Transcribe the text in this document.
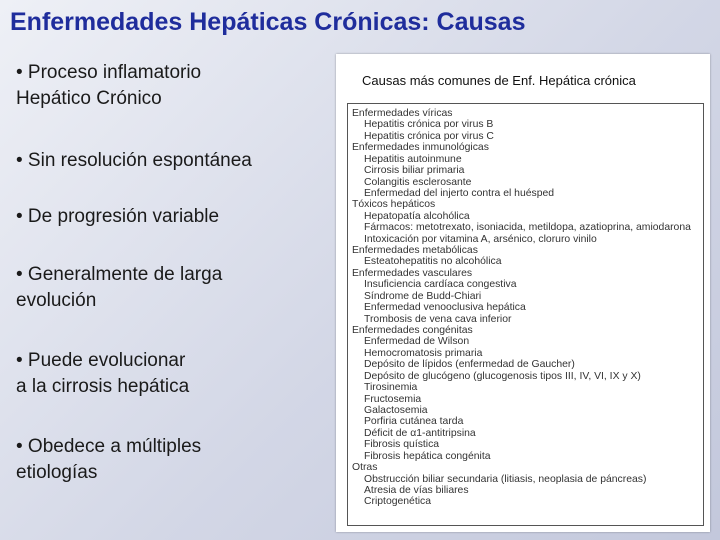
Enfermedades Hepáticas Crónicas: Causas
• Proceso inflamatorio
Hepático Crónico
• Sin resolución espontánea
• De progresión variable
• Generalmente de larga
evolución
• Puede evolucionar
a la cirrosis hepática
• Obedece a múltiples
etiologías
Causas más comunes de Enf. Hepática crónica
Enfermedades víricas
Hepatitis crónica por virus B
Hepatitis crónica por virus C
Enfermedades inmunológicas
Hepatitis autoinmune
Cirrosis biliar primaria
Colangitis esclerosante
Enfermedad del injerto contra el huésped
Tóxicos hepáticos
Hepatopatía alcohólica
Fármacos: metotrexato, isoniacida, metildopa, azatioprina, amiodarona
Intoxicación por vitamina A, arsénico, cloruro vinilo
Enfermedades metabólicas
Esteatohepatitis no alcohólica
Enfermedades vasculares
Insuficiencia cardíaca congestiva
Síndrome de Budd-Chiari
Enfermedad venooclusiva hepática
Trombosis de vena cava inferior
Enfermedades congénitas
Enfermedad de Wilson
Hemocromatosis primaria
Depósito de lípidos (enfermedad de Gaucher)
Depósito de glucógeno (glucogenosis tipos III, IV, VI, IX y X)
Tirosinemia
Fructosemia
Galactosemia
Porfiria cutánea tarda
Déficit de α1-antitripsina
Fibrosis quística
Fibrosis hepática congénita
Otras
Obstrucción biliar secundaria (litiasis, neoplasia de páncreas)
Atresia de vías biliares
Criptogenética
